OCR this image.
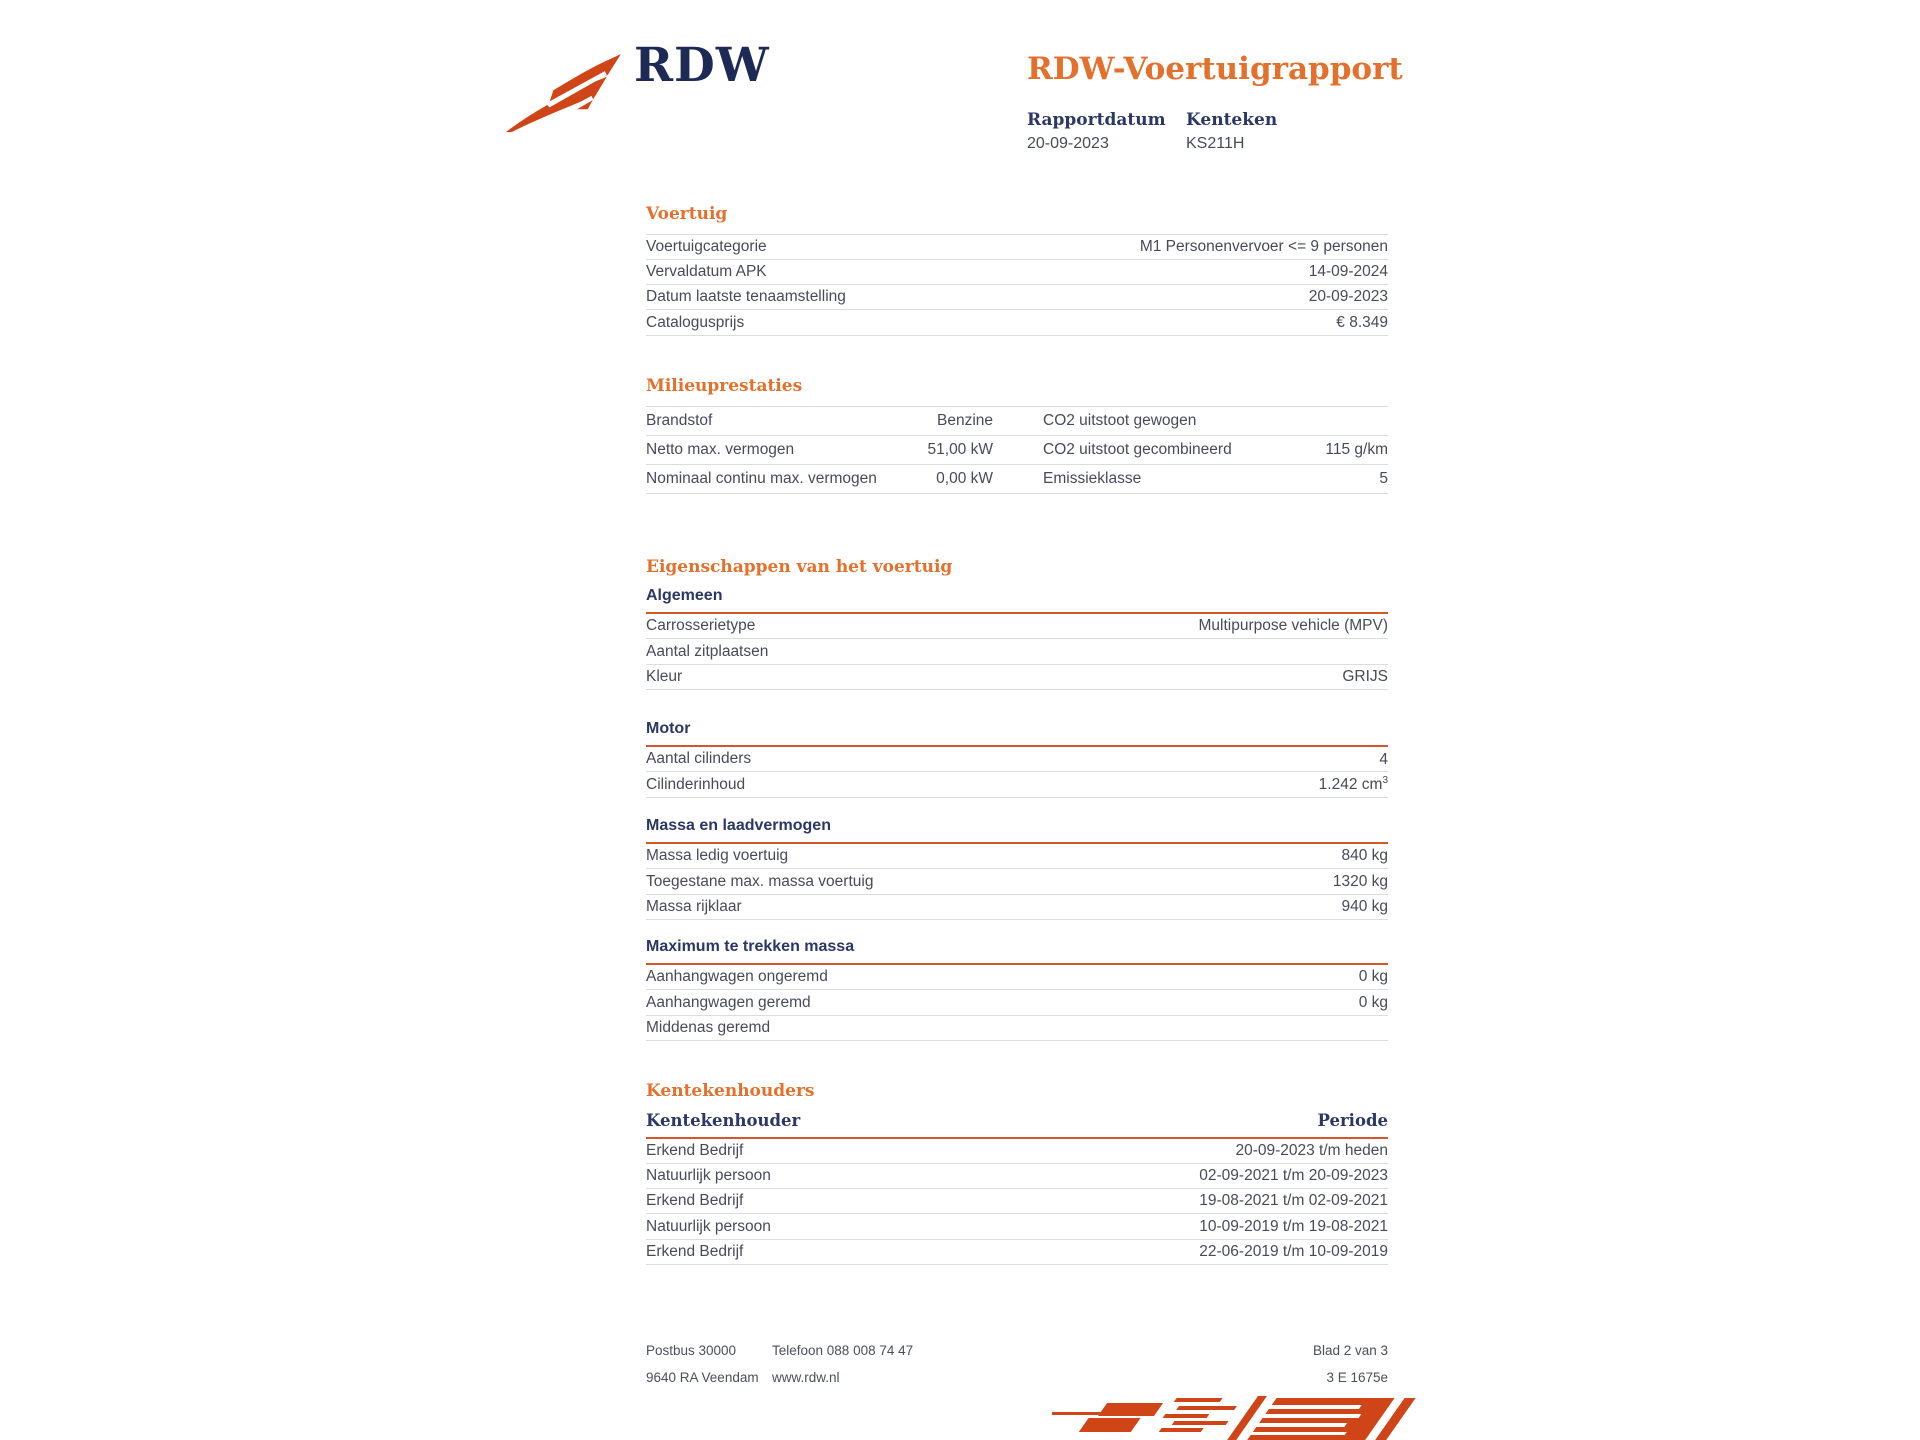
RDW	RDW-Voertuigrapport
Rapportdatum	Kenteken
20-09-2023	KS211H
Voertuig
Voertuigcategorie	M1 Personenvervoer <= 9 personen
Vervaldatum APK	14-09-2024
Datum laatste tenaamstelling	20-09-2023
Catalogusprijs	€ 8.349
Milieuprestaties
Brandstof	Benzine	CO2 uitstoot gewogen
Netto max. vermogen	51,00 kW	CO2 uitstoot gecombineerd	115 g/km
Nominaal continu max. vermogen	0,00 kW	Emissieklasse	5
Eigenschappen van het voertuig
Algemeen
Carrosserietype	Multipurpose vehicle (MPV)
Aantal zitplaatsen
Kleur	GRIJS
Motor
Aantal cilinders	4
Cilinderinhoud	1.242 $cm^3$
Massa en laadvermogen
Massa ledig voertuig	840 kg
Toegestane max. massa voertuig	1320 kg
Massa rijklaar	940 kg
Maximum te trekken massa
Aanhangwagen ongeremd	0 kg
Aanhangwagen geremd	0 kg
Middenas geremd
Kentekenhouders
Kentekenhouder	Periode
Erkend Bedrijf	20-09-2023 t/m heden
Natuurlijk persoon	02-09-2021 t/m 20-09-2023
Erkend Bedrijf	19-08-2021 t/m 02-09-2021
Natuurlijk persoon	10-09-2019 t/m 19-08-2021
Erkend Bedrijf	22-06-2019 t/m 10-09-2019
Postbus 30000	Telefoon 088 008 74 47	Blad 2 van 3
9640 RA Veendam www.rdw.nl	3 E 1675e
